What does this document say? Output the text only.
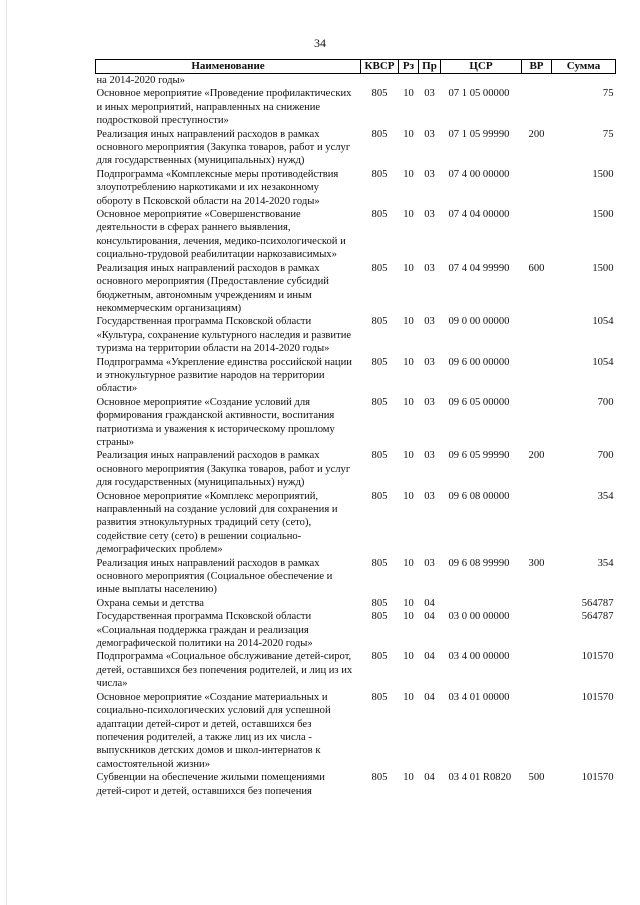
34
Наименование	КВСР	Рз	Пр	ЦСР	ВР	Сумма
на 2014-2020 годы»						
Основное мероприятие «Проведение профилактических и иных мероприятий, направленных на снижение подростковой преступности»	805	10	03	07 1 05 00000		75
Реализация иных направлений расходов в рамках основного мероприятия (Закупка товаров, работ и услуг для государственных (муниципальных) нужд)	805	10	03	07 1 05 99990	200	75
Подпрограмма «Комплексные меры противодействия злоупотреблению наркотиками и их незаконному обороту в Псковской области на 2014-2020 годы»	805	10	03	07 4 00 00000		1500
Основное мероприятие «Совершенствование деятельности в сферах раннего выявления, консультирования, лечения, медико-психологической и социально-трудовой реабилитации наркозависимых»	805	10	03	07 4 04 00000		1500
Реализация иных направлений расходов в рамках основного мероприятия (Предоставление субсидий бюджетным, автономным учреждениям и иным некоммерческим организациям)	805	10	03	07 4 04 99990	600	1500
Государственная программа Псковской области «Культура, сохранение культурного наследия и развитие туризма на территории области на 2014-2020 годы»	805	10	03	09 0 00 00000		1054
Подпрограмма «Укрепление единства российской нации и этнокультурное развитие народов на территории области»	805	10	03	09 6 00 00000		1054
Основное мероприятие «Создание условий для формирования гражданской активности, воспитания патриотизма и уважения к историческому прошлому страны»	805	10	03	09 6 05 00000		700
Реализация иных направлений расходов в рамках основного мероприятия (Закупка товаров, работ и услуг для государственных (муниципальных) нужд)	805	10	03	09 6 05 99990	200	700
Основное мероприятие «Комплекс мероприятий, направленный на создание условий для сохранения и развития этнокультурных традиций сету (сето), содействие сету (сето) в решении социально-демографических проблем»	805	10	03	09 6 08 00000		354
Реализация иных направлений расходов в рамках основного мероприятия (Социальное обеспечение и иные выплаты населению)	805	10	03	09 6 08 99990	300	354
Охрана семьи и детства	805	10	04			564787
Государственная программа Псковской области «Социальная поддержка граждан и реализация демографической политики на 2014-2020 годы»	805	10	04	03 0 00 00000		564787
Подпрограмма «Социальное обслуживание детей-сирот, детей, оставшихся без попечения родителей, и лиц из их числа»	805	10	04	03 4 00 00000		101570
Основное мероприятие «Создание материальных и социально-психологических условий для успешной адаптации детей-сирот и детей, оставшихся без попечения родителей, а также лиц из их числа - выпускников детских домов и школ-интернатов к самостоятельной жизни»	805	10	04	03 4 01 00000		101570
Субвенции на обеспечение жилыми помещениями детей-сирот и детей, оставшихся без попечения	805	10	04	03 4 01 R0820	500	101570
